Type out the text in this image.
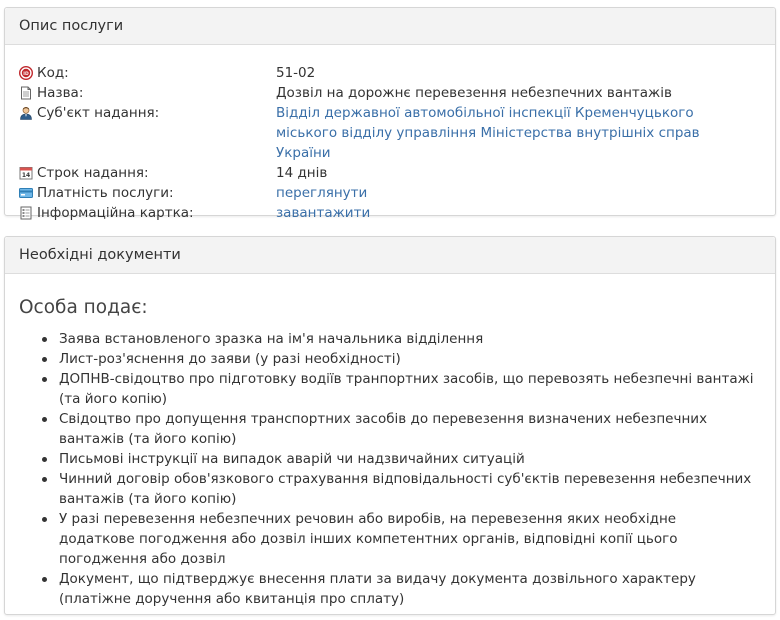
Опис послуги
ID Код:	51-02
Назва:	Дозвіл на дорожнє перевезення небезпечних вантажів
Суб'єкт надання:	Відділ державної автомобільної інспекції Кременчуцького міського відділу управління Міністерства внутрішніх справ України
14 Строк надання:	14 днів
Платність послуги:	переглянути
Інформаційна картка:	завантажити
Необхідні документи
Особа подає:
Заява встановленого зразка на ім'я начальника відділення
Лист-роз'яснення до заяви (у разі необхідності)
ДОПНВ-свідоцтво про підготовку водіїв транпортних засобів, що перевозять небезпечні вантажі (та його копію)
Свідоцтво про допущення транспортних засобів до перевезення визначених небезпечних вантажів (та його копію)
Письмові інструкції на випадок аварій чи надзвичайних ситуацій
Чинний договір обов'язкового страхування відповідальності суб'єктів перевезення небезпечних вантажів (та його копію)
У разі перевезення небезпечних речовин або виробів, на перевезення яких необхідне додаткове погодження або дозвіл інших компетентних органів, відповідні копії цього погодження або дозвіл
Документ, що підтверджує внесення плати за видачу документа дозвільного характеру (платіжне доручення або квитанція про сплату)
